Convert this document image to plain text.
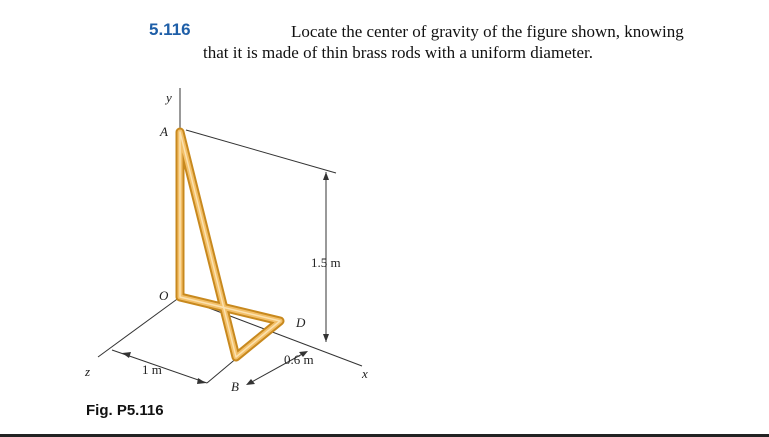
5.116	Locate the center of gravity of the figure shown, knowing
that it is made of thin brass rods with a uniform diameter.
y
x
z
A
O
B
D
1.5 m
0.6 m
1 m
Fig. P5.116
